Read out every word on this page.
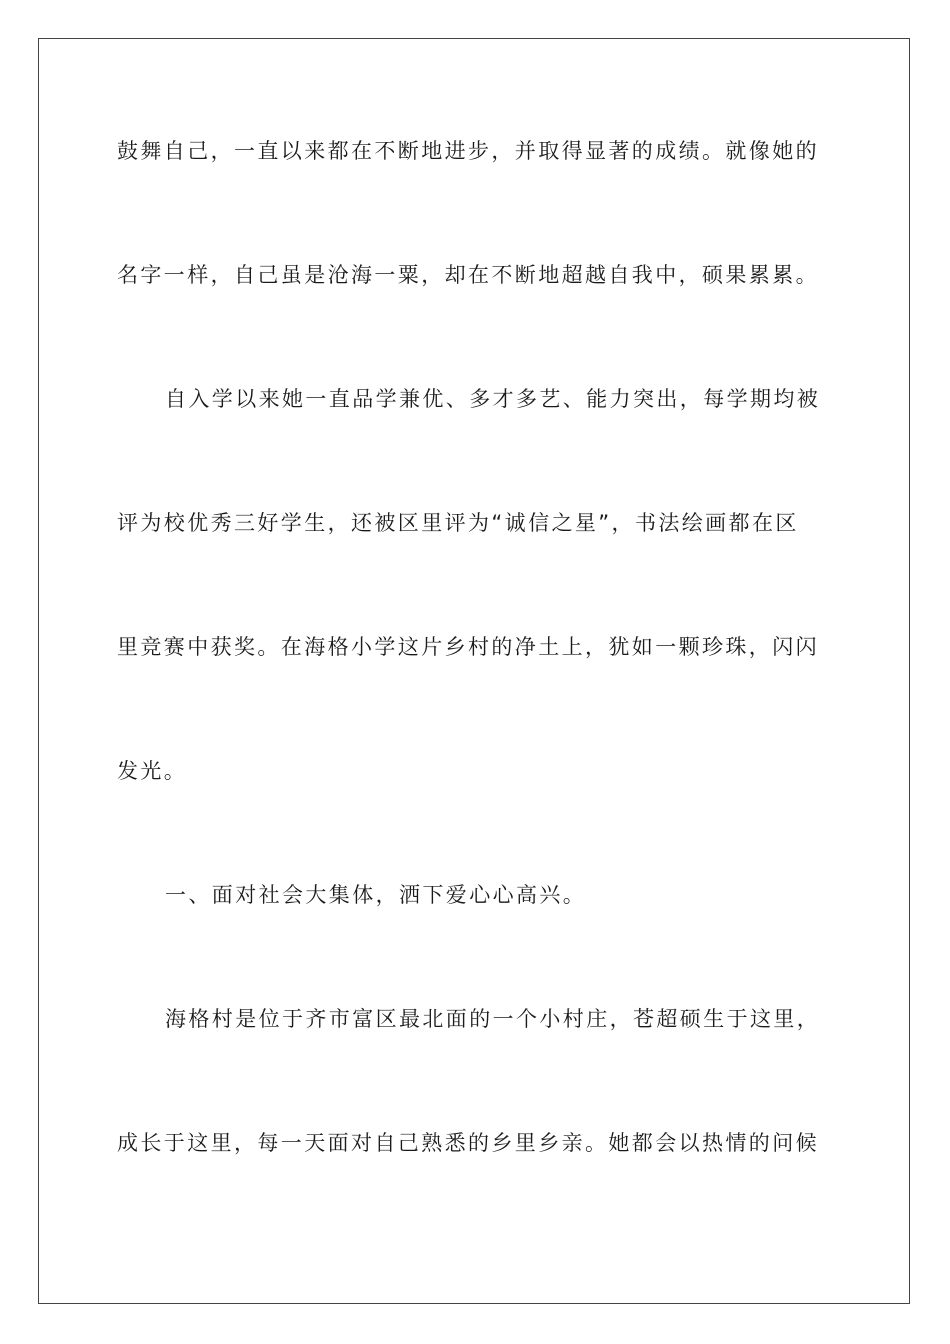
鼓舞自己，一直以来都在不断地进步，并取得显著的成绩。就像她的

名字一样，自己虽是沧海一粟，却在不断地超越自我中，硕果累累。

自入学以来她一直品学兼优、多才多艺、能力突出，每学期均被

评为校优秀三好学生，还被区里评为“诚信之星”，书法绘画都在区

里竞赛中获奖。在海格小学这片乡村的净土上，犹如一颗珍珠，闪闪

发光。

一、面对社会大集体，洒下爱心心高兴。

海格村是位于齐市富区最北面的一个小村庄，苍超硕生于这里，

成长于这里，每一天面对自己熟悉的乡里乡亲。她都会以热情的问候
